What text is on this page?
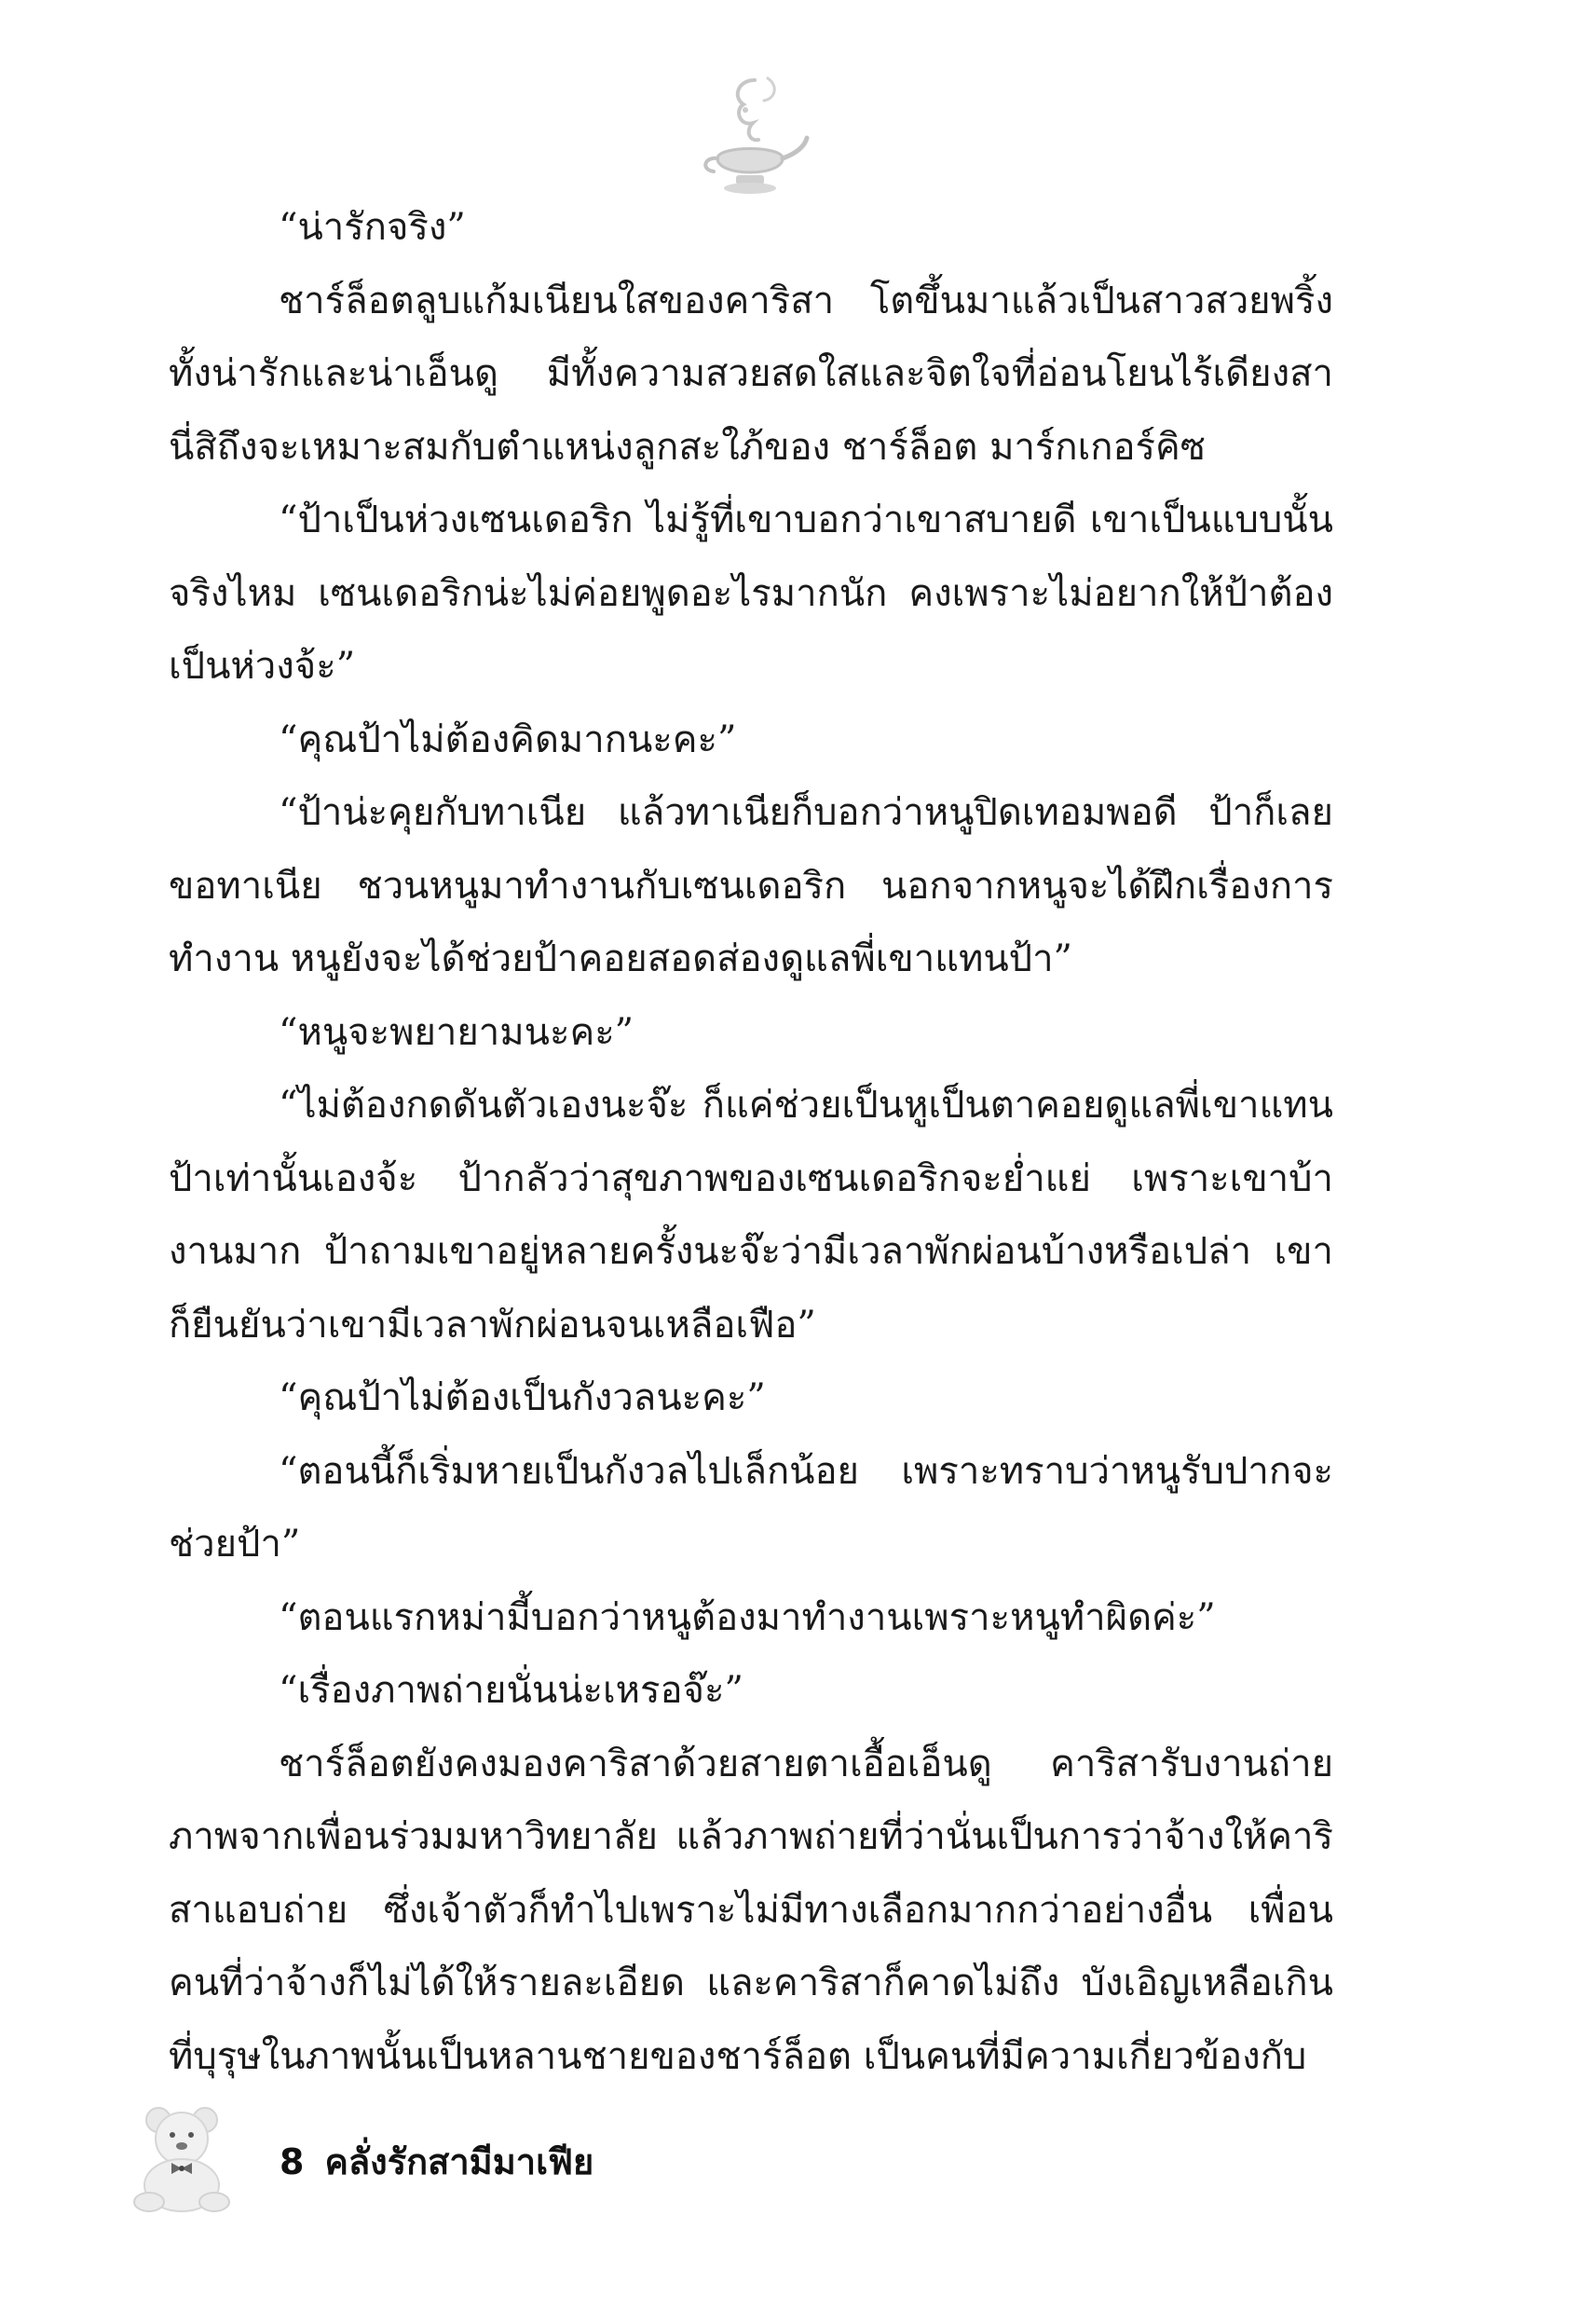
“น่ารักจริง”

ชาร์ล็อตลูบแก้มเนียนใสของคาริสา โตขึ้นมาแล้วเป็นสาวสวยพริ้ง ทั้งน่ารักและน่าเอ็นดู มีทั้งความสวยสดใสและจิตใจที่อ่อนโยนไร้เดียงสา นี่สิถึงจะเหมาะสมกับตำแหน่งลูกสะใภ้ของ ชาร์ล็อต มาร์กเกอร์คิซ

“ป้าเป็นห่วงเซนเดอริก ไม่รู้ที่เขาบอกว่าเขาสบายดี เขาเป็นแบบนั้นจริงไหม เซนเดอริกน่ะไม่ค่อยพูดอะไรมากนัก คงเพราะไม่อยากให้ป้าต้องเป็นห่วงจ้ะ”

“คุณป้าไม่ต้องคิดมากนะคะ”

“ป้าน่ะคุยกับทาเนีย แล้วทาเนียก็บอกว่าหนูปิดเทอมพอดี ป้าก็เลยขอทาเนีย ชวนหนูมาทำงานกับเซนเดอริก นอกจากหนูจะได้ฝึกเรื่องการทำงาน หนูยังจะได้ช่วยป้าคอยสอดส่องดูแลพี่เขาแทนป้า”

“หนูจะพยายามนะคะ”

“ไม่ต้องกดดันตัวเองนะจ๊ะ ก็แค่ช่วยเป็นหูเป็นตาคอยดูแลพี่เขาแทนป้าเท่านั้นเองจ้ะ ป้ากลัวว่าสุขภาพของเซนเดอริกจะย่ำแย่ เพราะเขาบ้างานมาก ป้าถามเขาอยู่หลายครั้งนะจ๊ะว่ามีเวลาพักผ่อนบ้างหรือเปล่า เขาก็ยืนยันว่าเขามีเวลาพักผ่อนจนเหลือเฟือ”

“คุณป้าไม่ต้องเป็นกังวลนะคะ”

“ตอนนี้ก็เริ่มหายเป็นกังวลไปเล็กน้อย เพราะทราบว่าหนูรับปากจะช่วยป้า”

“ตอนแรกหม่ามี้บอกว่าหนูต้องมาทำงานเพราะหนูทำผิดค่ะ”

“เรื่องภาพถ่ายนั่นน่ะเหรอจ๊ะ”

ชาร์ล็อตยังคงมองคาริสาด้วยสายตาเอื้อเอ็นดู คาริสารับงานถ่ายภาพจากเพื่อนร่วมมหาวิทยาลัย แล้วภาพถ่ายที่ว่านั่นเป็นการว่าจ้างให้คาริสาแอบถ่าย ซึ่งเจ้าตัวก็ทำไปเพราะไม่มีทางเลือกมากกว่าอย่างอื่น เพื่อนคนที่ว่าจ้างก็ไม่ได้ให้รายละเอียด และคาริสาก็คาดไม่ถึง บังเอิญเหลือเกินที่บุรุษในภาพนั้นเป็นหลานชายของชาร์ล็อต เป็นคนที่มีความเกี่ยวข้องกับ

8 คลั่งรักสามีมาเฟีย
